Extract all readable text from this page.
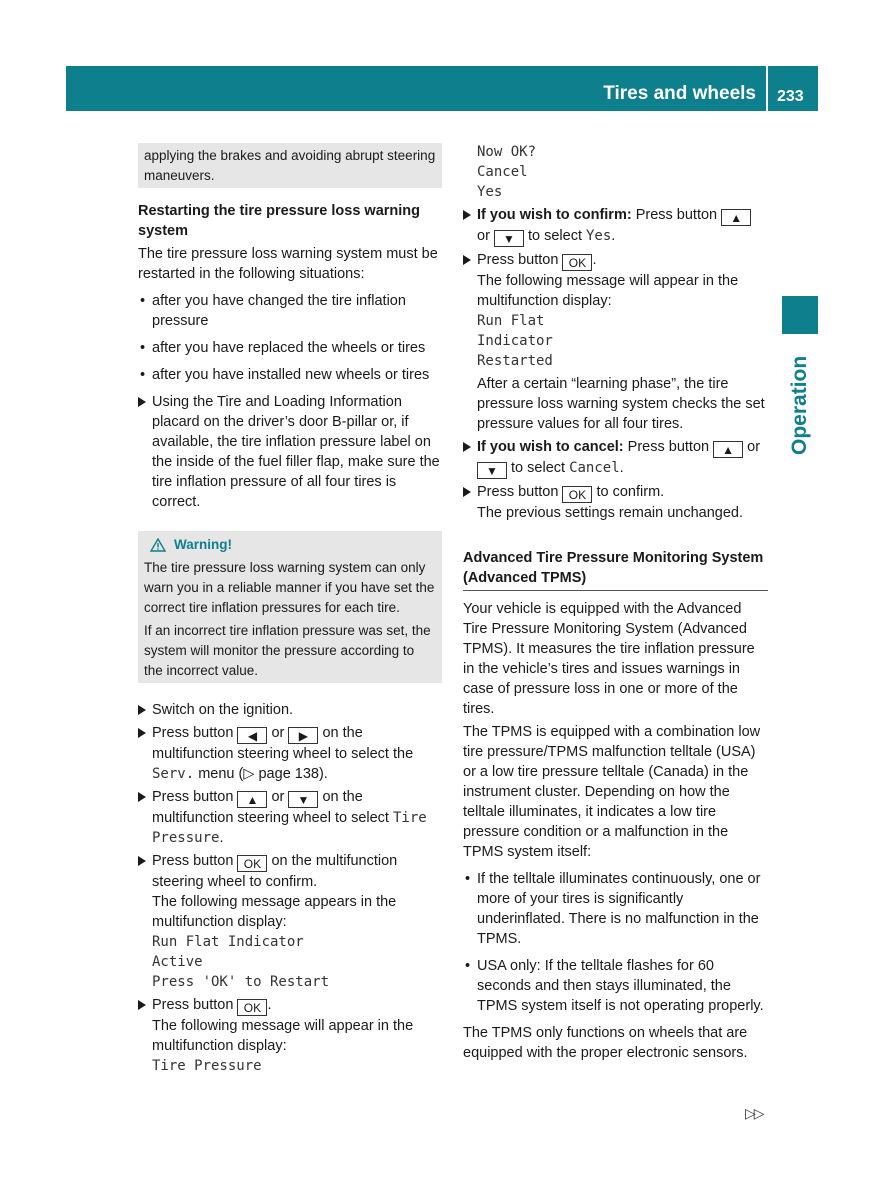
Tires and wheels 233
Operation
applying the brakes and avoiding abrupt steering maneuvers.
Restarting the tire pressure loss warning system

The tire pressure loss warning system must be restarted in the following situations:

• after you have changed the tire inflation pressure
• after you have replaced the wheels or tires
• after you have installed new wheels or tires
Using the Tire and Loading Information placard on the driver’s door B-pillar or, if available, the tire inflation pressure label on the inside of the fuel filler flap, make sure the tire inflation pressure of all four tires is correct.
Warning!

The tire pressure loss warning system can only warn you in a reliable manner if you have set the correct tire inflation pressures for each tire.

If an incorrect tire inflation pressure was set, the system will monitor the pressure according to the incorrect value.

Switch on the ignition.
Press button ◀ or ▶ on the multifunction steering wheel to select the Serv. menu (▷ page 138).
Press button ▲ or ▼ on the multifunction steering wheel to select Tire Pressure.
Press button OK on the multifunction steering wheel to confirm.
The following message appears in the multifunction display:
Run Flat Indicator
Active
Press 'OK' to Restart
Press button OK .
The following message will appear in the multifunction display:
Tire Pressure
Now OK?
Cancel
Yes
If you wish to confirm: Press button ▲ or ▼ to select Yes.
Press button OK .
The following message will appear in the multifunction display:
Run Flat
Indicator
Restarted
After a certain “learning phase”, the tire pressure loss warning system checks the set pressure values for all four tires.
If you wish to cancel: Press button ▲ or ▼ to select Cancel.
Press button OK to confirm.
The previous settings remain unchanged.
Advanced Tire Pressure Monitoring System (Advanced TPMS)

Your vehicle is equipped with the Advanced Tire Pressure Monitoring System (Advanced TPMS). It measures the tire inflation pressure in the vehicle’s tires and issues warnings in case of pressure loss in one or more of the tires.

The TPMS is equipped with a combination low tire pressure/TPMS malfunction telltale (USA) or a low tire pressure telltale (Canada) in the instrument cluster. Depending on how the telltale illuminates, it indicates a low tire pressure condition or a malfunction in the TPMS system itself:

• If the telltale illuminates continuously, one or more of your tires is significantly underinflated. There is no malfunction in the TPMS.
• USA only: If the telltale flashes for 60 seconds and then stays illuminated, the TPMS system itself is not operating properly.

The TPMS only functions on wheels that are equipped with the proper electronic sensors.

▷▷
